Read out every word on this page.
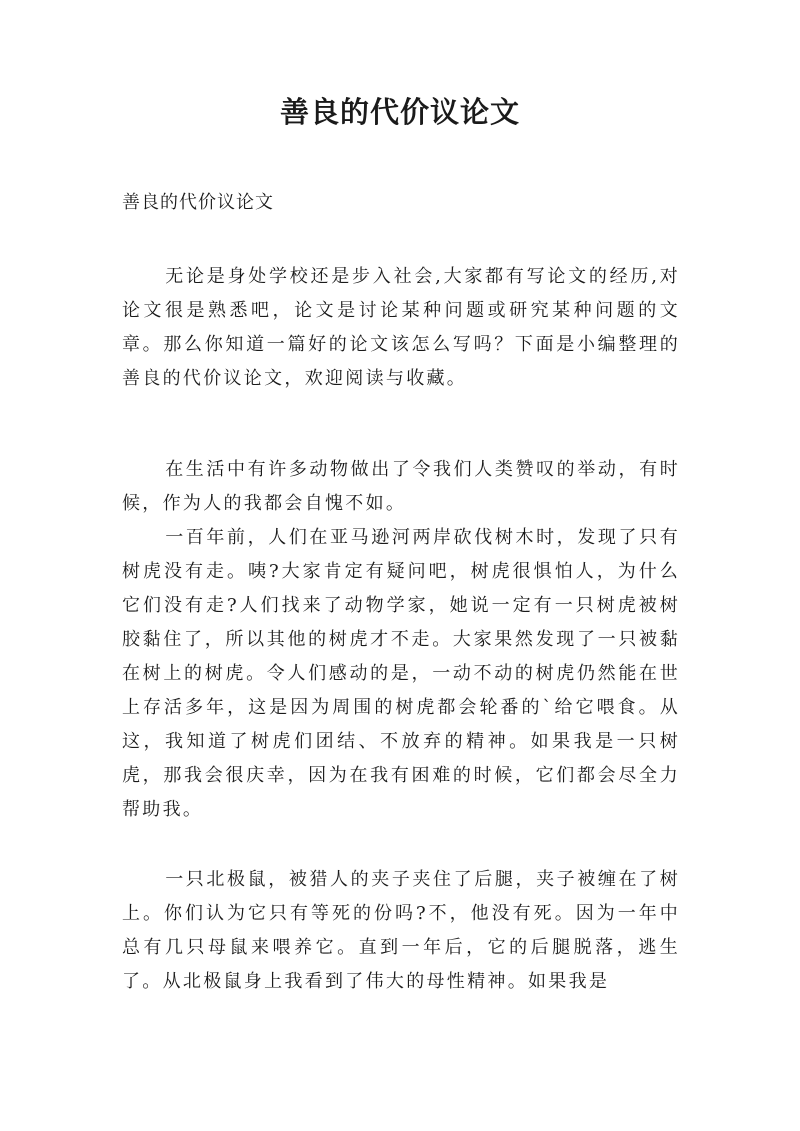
善良的代价议论文

善良的代价议论文

无论是身处学校还是步入社会,大家都有写论文的经历,对论文很是熟悉吧，论文是讨论某种问题或研究某种问题的文章。那么你知道一篇好的论文该怎么写吗？下面是小编整理的善良的代价议论文，欢迎阅读与收藏。

在生活中有许多动物做出了令我们人类赞叹的举动，有时候，作为人的我都会自愧不如。

一百年前，人们在亚马逊河两岸砍伐树木时，发现了只有树虎没有走。咦?大家肯定有疑问吧，树虎很惧怕人，为什么它们没有走?人们找来了动物学家，她说一定有一只树虎被树胶黏住了，所以其他的树虎才不走。大家果然发现了一只被黏在树上的树虎。令人们感动的是，一动不动的树虎仍然能在世上存活多年，这是因为周围的树虎都会轮番的`给它喂食。从这，我知道了树虎们团结、不放弃的精神。如果我是一只树虎，那我会很庆幸，因为在我有困难的时候，它们都会尽全力帮助我。

一只北极鼠，被猎人的夹子夹住了后腿，夹子被缠在了树上。你们认为它只有等死的份吗?不，他没有死。因为一年中总有几只母鼠来喂养它。直到一年后，它的后腿脱落，逃生了。从北极鼠身上我看到了伟大的母性精神。如果我是
